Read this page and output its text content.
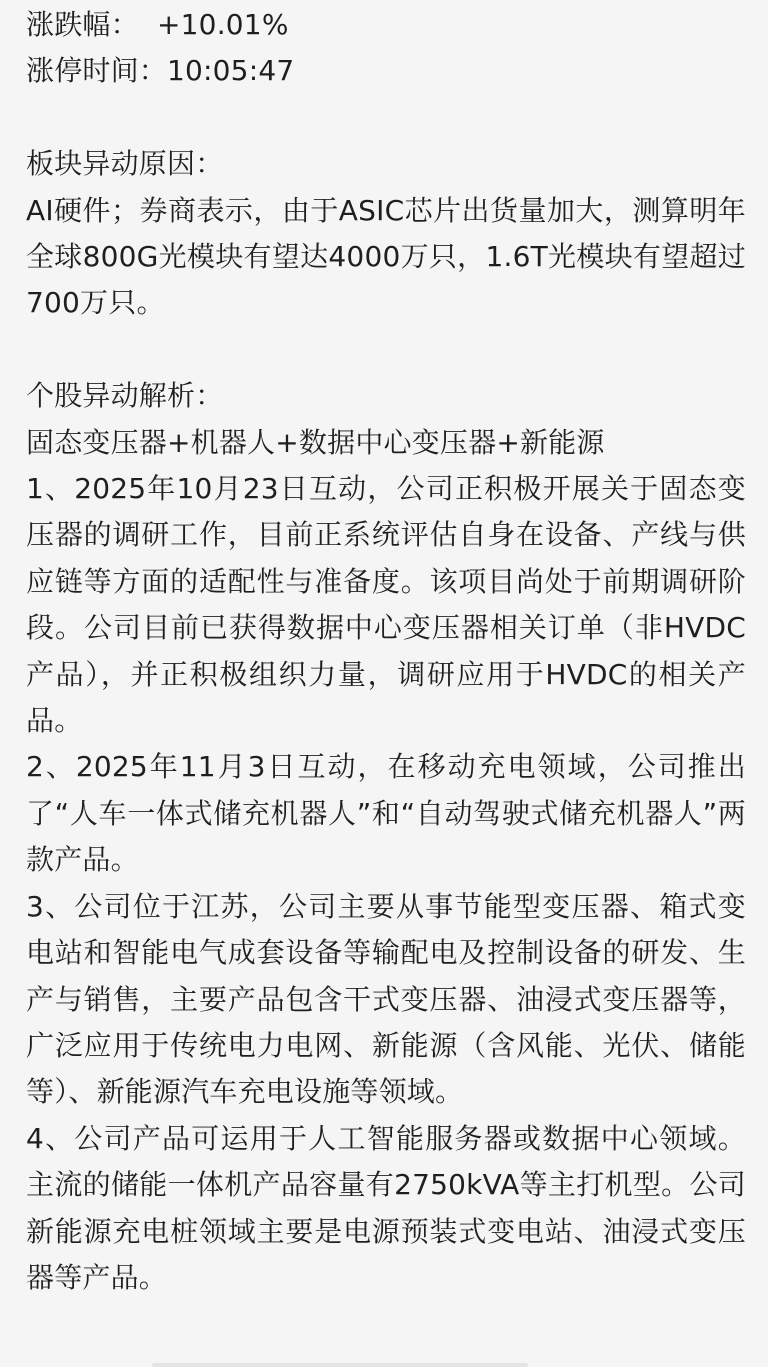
涨跌幅：  +10.01%
涨停时间：10:05:47
板块异动原因：
AI硬件；券商表示，由于ASIC芯片出货量加大，测算明年全球800G光模块有望达4000万只，1.6T光模块有望超过700万只。
个股异动解析：
固态变压器+机器人+数据中心变压器+新能源
1、2025年10月23日互动，公司正积极开展关于固态变压器的调研工作，目前正系统评估自身在设备、产线与供应链等方面的适配性与准备度。该项目尚处于前期调研阶段。公司目前已获得数据中心变压器相关订单（非HVDC产品），并正积极组织力量，调研应用于HVDC的相关产品。
2、2025年11月3日互动，在移动充电领域，公司推出了“人车一体式储充机器人”和“自动驾驶式储充机器人”两款产品。
3、公司位于江苏，公司主要从事节能型变压器、箱式变电站和智能电气成套设备等输配电及控制设备的研发、生产与销售，主要产品包含干式变压器、油浸式变压器等，广泛应用于传统电力电网、新能源（含风能、光伏、储能等）、新能源汽车充电设施等领域。
4、公司产品可运用于人工智能服务器或数据中心领域。主流的储能一体机产品容量有2750kVA等主打机型。公司新能源充电桩领域主要是电源预装式变电站、油浸式变压器等产品。
